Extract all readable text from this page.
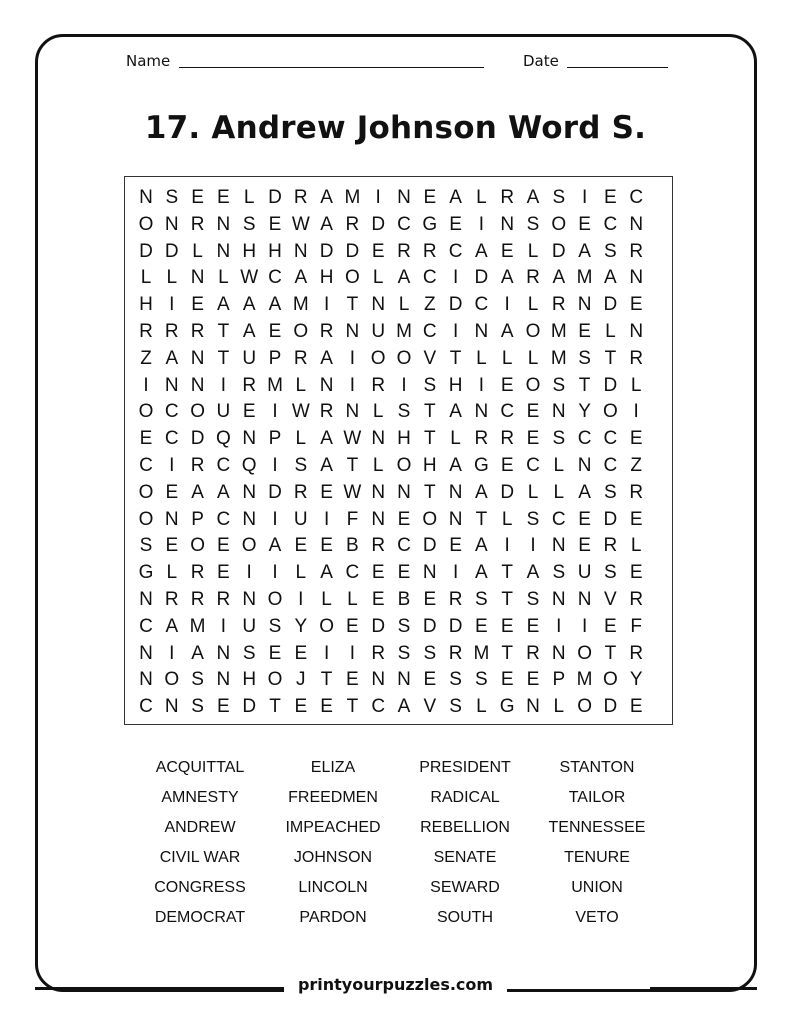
Name	Date
17. Andrew Johnson Word S.
N S E E L D R A M I N E A L R A S I E C
O N R N S E W A R D C G E I N S O E C N
D D L N H H N D D E R R C A E L D A S R
L L N L W C A H O L A C I D A R A M A N
H I E A A A M I T N L Z D C I L R N D E
R R R T A E O R N U M C I N A O M E L N
Z A N T U P R A I O O V T L L L M S T R
I N N I R M L N I R I S H I E O S T D L
O C O U E I W R N L S T A N C E N Y O I
E C D Q N P L A W N H T L R R E S C C E
C I R C Q I S A T L O H A G E C L N C Z
O E A A N D R E W N N T N A D L L A S R
O N P C N I U I F N E O N T L S C E D E
S E O E O A E E B R C D E A I	I N E R L
G L R E I	I L A C E E N I A T A S U S E
N R R R N O I L L E B E R S T S N N V R
C A M I U S Y O E D S D D E E E I	I E F
N I A N S E E I	I R S S R M T R N O T R
N O S N H O J T E N N E S S E E P M O Y
C N S E D T E E T C A V S L G N L O D E
ACQUITTAL	ELIZA	PRESIDENT	STANTON
AMNESTY	FREEDMEN	RADICAL	TAILOR
ANDREW	IMPEACHED	REBELLION	TENNESSEE
CIVIL WAR	JOHNSON	SENATE	TENURE
CONGRESS	LINCOLN	SEWARD	UNION
DEMOCRAT	PARDON	SOUTH	VETO
printyourpuzzles.com
